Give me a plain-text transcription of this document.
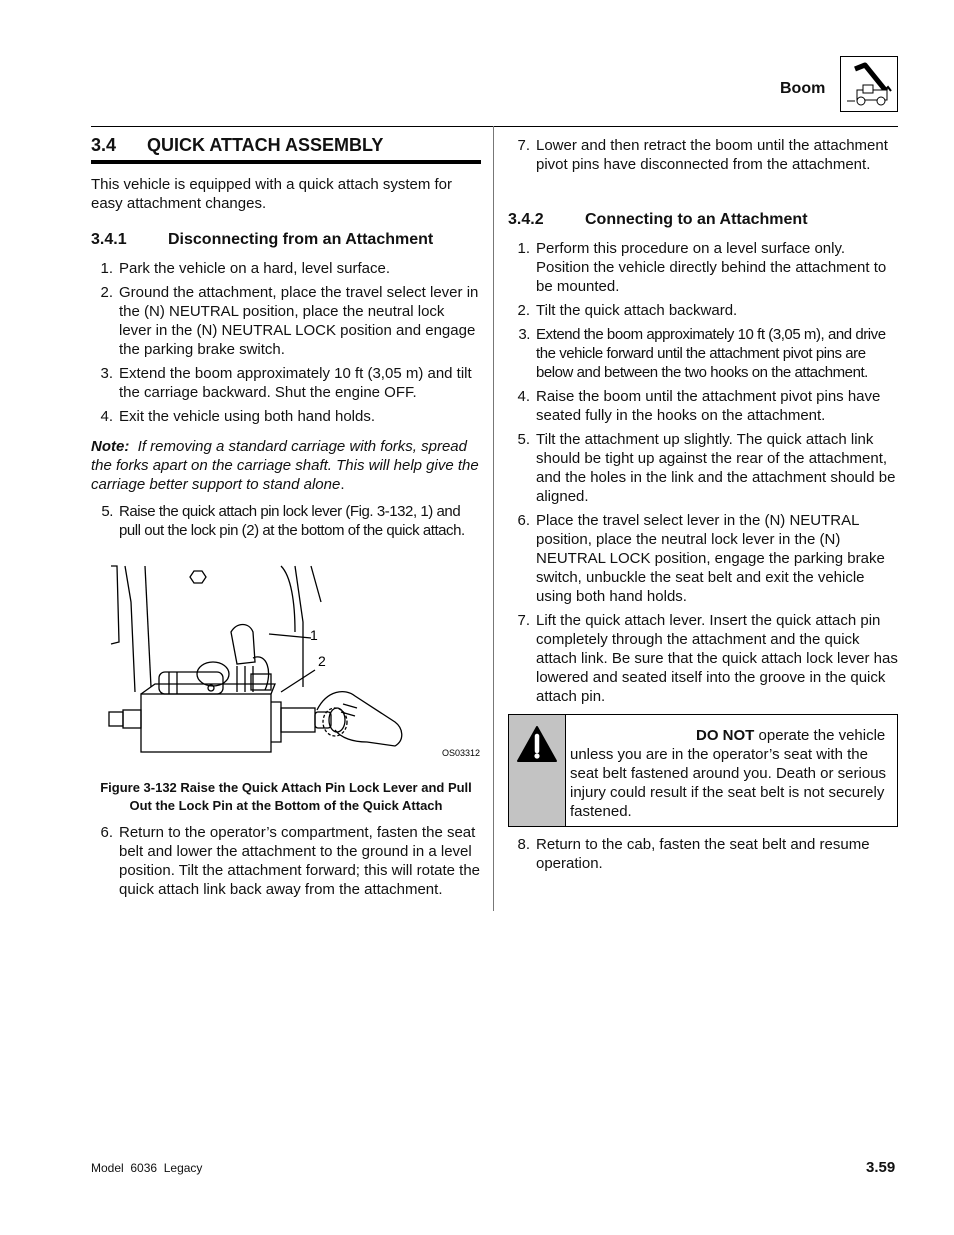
Boom
3.4 QUICK ATTACH ASSEMBLY
This vehicle is equipped with a quick attach system for easy attachment changes.
3.4.1	Disconnecting from an Attachment
1. Park the vehicle on a hard, level surface.
2. Ground the attachment, place the travel select lever in the (N) NEUTRAL position, place the neutral lock lever in the (N) NEUTRAL LOCK position and engage the parking brake switch.
3. Extend the boom approximately 10 ft (3,05 m) and tilt the carriage backward. Shut the engine OFF.
4. Exit the vehicle using both hand holds.
Note: If removing a standard carriage with forks, spread the forks apart on the carriage shaft. This will help give the carriage better support to stand alone.
5. Raise the quick attach pin lock lever (Fig. 3-132, 1) and pull out the lock pin (2) at the bottom of the quick attach.
1
2
OS03312
Figure 3-132 Raise the Quick Attach Pin Lock Lever and Pull Out the Lock Pin at the Bottom of the Quick Attach
6. Return to the operator’s compartment, fasten the seat belt and lower the attachment to the ground in a level position. Tilt the attachment forward; this will rotate the quick attach link back away from the attachment.
7. Lower and then retract the boom until the attachment pivot pins have disconnected from the attachment.
3.4.2	Connecting to an Attachment
1. Perform this procedure on a level surface only. Position the vehicle directly behind the attachment to be mounted.
2. Tilt the quick attach backward.
3. Extend the boom approximately 10 ft (3,05 m), and drive the vehicle forward until the attachment pivot pins are below and between the two hooks on the attachment.
4. Raise the boom until the attachment pivot pins have seated fully in the hooks on the attachment.
5. Tilt the attachment up slightly. The quick attach link should be tight up against the rear of the attachment, and the holes in the link and the attachment should be aligned.
6. Place the travel select lever in the (N) NEUTRAL position, place the neutral lock lever in the (N) NEUTRAL LOCK position, engage the parking brake switch, unbuckle the seat belt and exit the vehicle using both hand holds.
7. Lift the quick attach lever. Insert the quick attach pin completely through the attachment and the quick attach link. Be sure that the quick attach lock lever has lowered and seated itself into the groove in the quick attach pin.
DO NOT operate the vehicle unless you are in the operator’s seat with the seat belt fastened around you. Death or serious injury could result if the seat belt is not securely fastened.
8. Return to the cab, fasten the seat belt and resume operation.
Model  6036  Legacy	3.59
